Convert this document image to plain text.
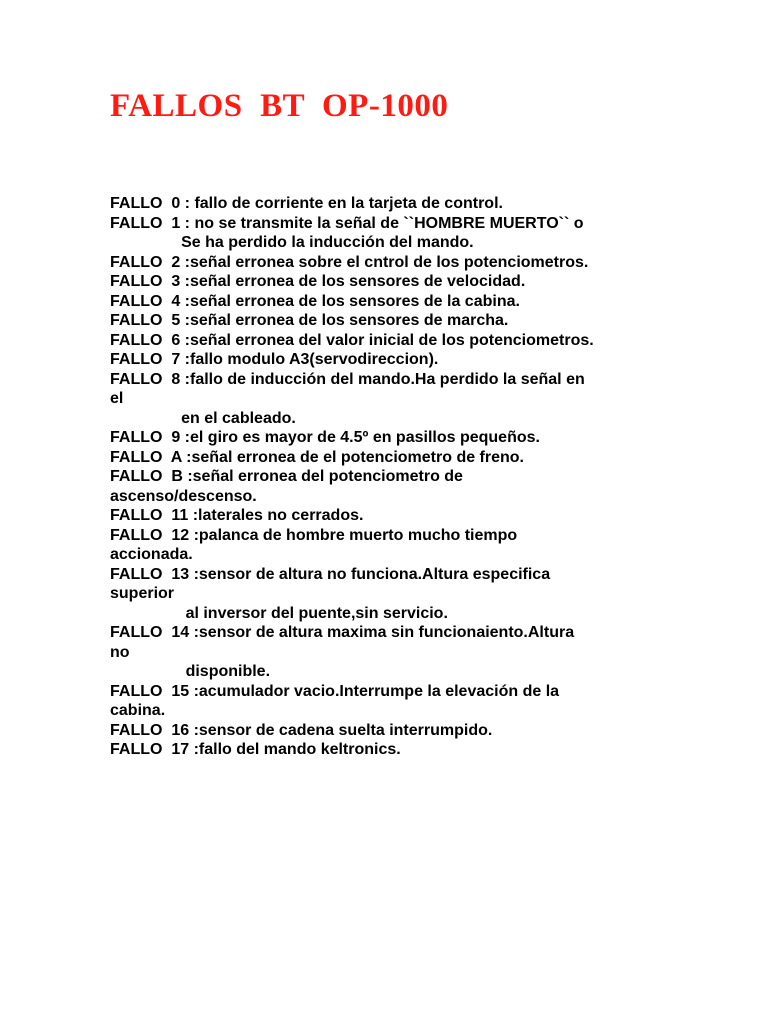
FALLOS  BT  OP-1000
FALLO  0 : fallo de corriente en la tarjeta de control.
FALLO  1 : no se transmite la señal de ``HOMBRE MUERTO`` o
Se ha perdido la inducción del mando.
FALLO  2 :señal erronea sobre el cntrol de los potenciometros.
FALLO  3 :señal erronea de los sensores de velocidad.
FALLO  4 :señal erronea de los sensores de la cabina.
FALLO  5 :señal erronea de los sensores de marcha.
FALLO  6 :señal erronea del valor inicial de los potenciometros.
FALLO  7 :fallo modulo A3(servodireccion).
FALLO  8 :fallo de inducción del mando.Ha perdido la señal en
el
en el cableado.
FALLO  9 :el giro es mayor de 4.5º en pasillos pequeños.
FALLO  A :señal erronea de el potenciometro de freno.
FALLO  B :señal erronea del potenciometro de
ascenso/descenso.
FALLO  11 :laterales no cerrados.
FALLO  12 :palanca de hombre muerto mucho tiempo
accionada.
FALLO  13 :sensor de altura no funciona.Altura especifica
superior
al inversor del puente,sin servicio.
FALLO  14 :sensor de altura maxima sin funcionaiento.Altura
no
disponible.
FALLO  15 :acumulador vacio.Interrumpe la elevación de la
cabina.
FALLO  16 :sensor de cadena suelta interrumpido.
FALLO  17 :fallo del mando keltronics.
